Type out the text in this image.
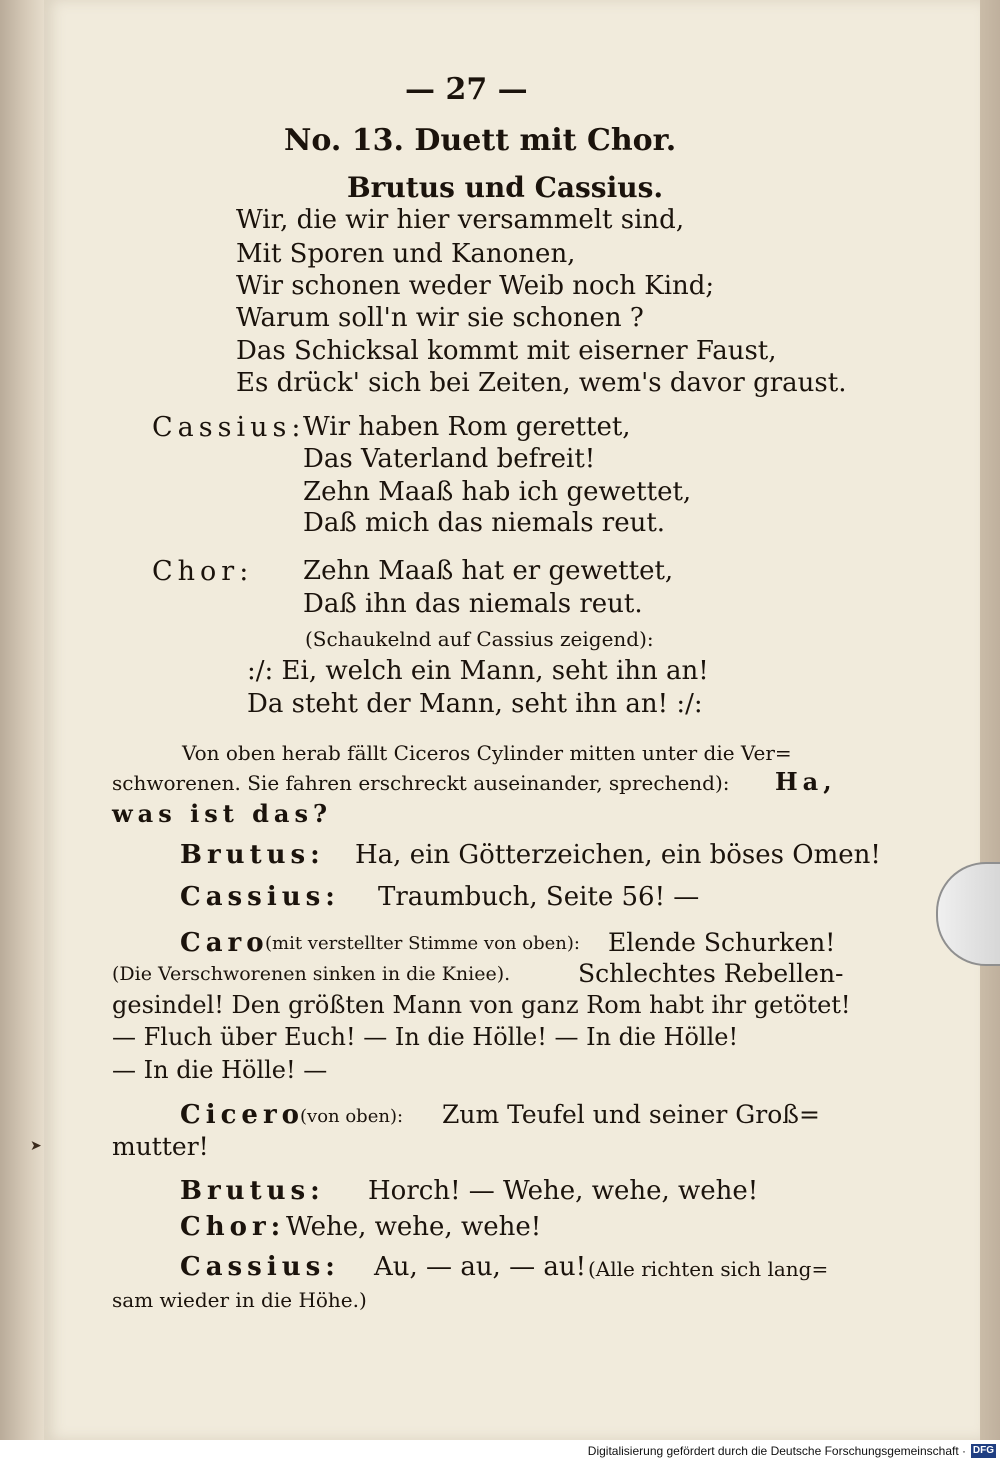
➤
— 27 —
No. 13. Duett mit Chor.
Brutus und Cassius.
Wir, die wir hier versammelt sind,
Mit Sporen und Kanonen,
Wir schonen weder Weib noch Kind;
Warum soll'n wir sie schonen ?
Das Schicksal kommt mit eiserner Faust,
Es drück' sich bei Zeiten, wem's davor graust.
Cassius:
Wir haben Rom gerettet,
Das Vaterland befreit!
Zehn Maaß hab ich gewettet,
Daß mich das niemals reut.
Chor: Zehn Maaß hat er gewettet,
Daß ihn das niemals reut.
(Schaukelnd auf Cassius zeigend):
:/: Ei, welch ein Mann, seht ihn an!
Da steht der Mann, seht ihn an! :/:
Von oben herab fällt Ciceros Cylinder mitten unter die Ver=
schworenen. Sie fahren erschreckt auseinander, sprechend): Ha,
was ist das?
Brutus: Ha, ein Götterzeichen, ein böses Omen!
Cassius: Traumbuch, Seite 56! —
Caro
(mit verstellter Stimme von oben): Elende Schurken!
(Die Verschworenen sinken in die Kniee).	Schlechtes Rebellen-
gesindel! Den größten Mann von ganz Rom habt ihr getötet!
— Fluch über Euch! — In die Hölle! — In die Hölle!
— In die Hölle! —
Cicero
(von oben): Zum Teufel und seiner Groß=
mutter!
Brutus: Horch! — Wehe, wehe, wehe!
Chor: Wehe, wehe, wehe!
Cassius: Au, — au, — au! (Alle richten sich lang=
sam wieder in die Höhe.)
Digitalisierung gefördert durch die Deutsche Forschungsgemeinschaft · DFG
